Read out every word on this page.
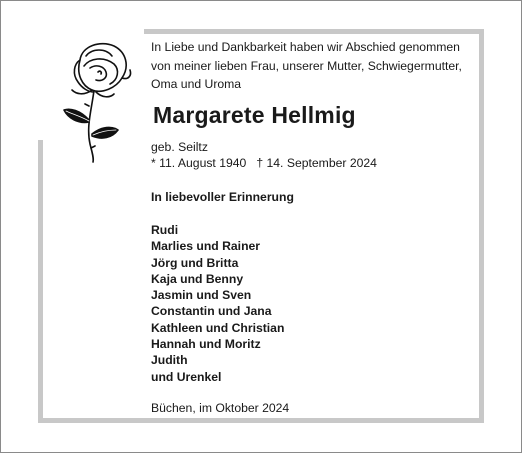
In Liebe und Dankbarkeit haben wir Abschied genommen
von meiner lieben Frau, unserer Mutter, Schwiegermutter,
Oma und Uroma

Margarete Hellmig

geb. Seiltz

* 11. August 1940 † 14. September 2024

In liebevoller Erinnerung

Rudi
Marlies und Rainer
Jörg und Britta
Kaja und Benny
Jasmin und Sven
Constantin und Jana
Kathleen und Christian
Hannah und Moritz
Judith
und Urenkel

Büchen, im Oktober 2024
